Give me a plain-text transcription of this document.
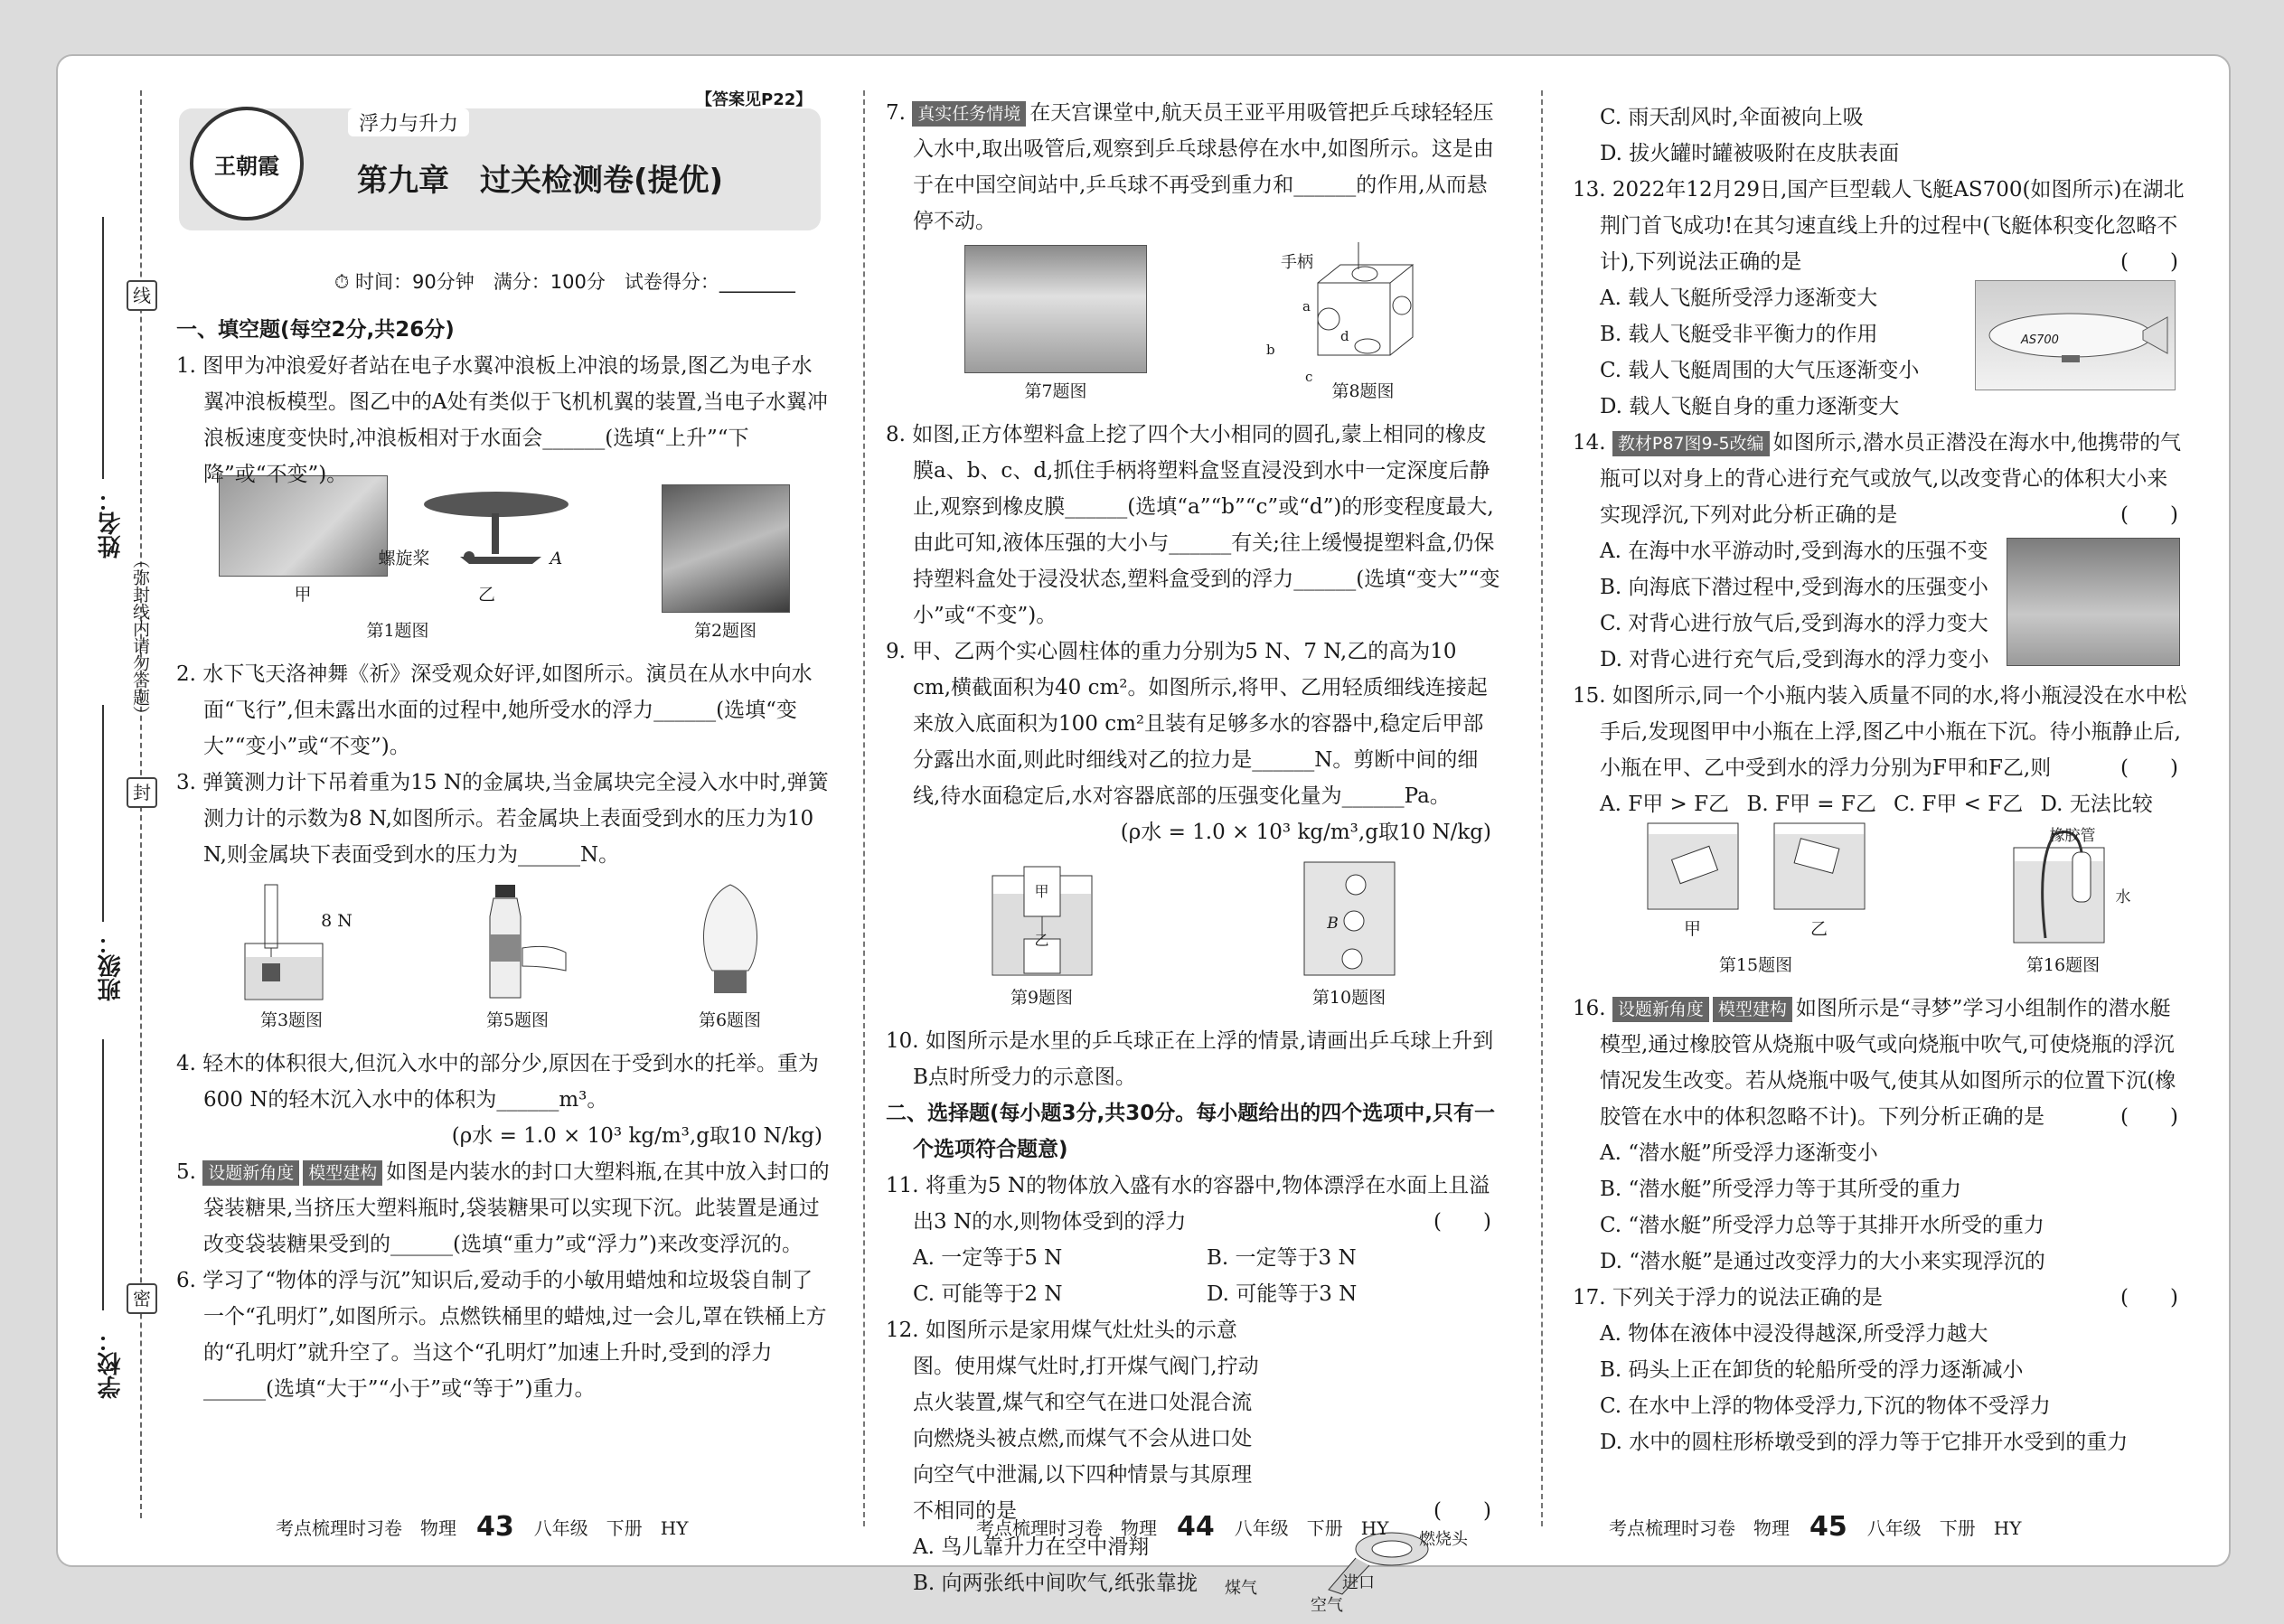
线
封
密
（弥封线内请勿答题）
姓名：
班级：
学校：
王朝霞
浮力与升力
【答案见P22】
第九章　过关检测卷(提优)
⏱ 时间：90分钟　满分：100分　试卷得分：________
一、填空题(每空2分,共26分)

1. 图甲为冲浪爱好者站在电子水翼冲浪板上冲浪的场景,图乙为电子水翼冲浪板模型。图乙中的A处有类似于飞机机翼的装置,当电子水翼冲浪板速度变快时,冲浪板相对于水面会______(选填“上升”“下降”或“不变”)。

甲
螺旋桨	A
乙
第1题图	第2题图

2. 水下飞天洛神舞《祈》深受观众好评,如图所示。演员在从水中向水面“飞行”,但未露出水面的过程中,她所受水的浮力______(选填“变大”“变小”或“不变”)。

3. 弹簧测力计下吊着重为15 N的金属块,当金属块完全浸入水中时,弹簧测力计的示数为8 N,如图所示。若金属块上表面受到水的压力为10 N,则金属块下表面受到水的压力为______N。

8 N
第3题图	第5题图	第6题图

4. 轻木的体积很大,但沉入水中的部分少,原因在于受到水的托举。重为600 N的轻木沉入水中的体积为______m³。

(ρ水 = 1.0 × 10³ kg/m³,g取10 N/kg)

5. 设题新角度 模型建构 如图是内装水的封口大塑料瓶,在其中放入封口的袋装糖果,当挤压大塑料瓶时,袋装糖果可以实现下沉。此装置是通过改变袋装糖果受到的______(选填“重力”或“浮力”)来改变浮沉的。

6. 学习了“物体的浮与沉”知识后,爱动手的小敏用蜡烛和垃圾袋自制了一个“孔明灯”,如图所示。点燃铁桶里的蜡烛,过一会儿,罩在铁桶上方的“孔明灯”就升空了。当这个“孔明灯”加速上升时,受到的浮力______(选填“大于”“小于”或“等于”)重力。

7. 真实任务情境 在天宫课堂中,航天员王亚平用吸管把乒乓球轻轻压入水中,取出吸管后,观察到乒乓球悬停在水中,如图所示。这是由于在中国空间站中,乒乓球不再受到重力和______的作用,从而悬停不动。

第7题图	第8题图
手柄
a
b
c
d

8. 如图,正方体塑料盒上挖了四个大小相同的圆孔,蒙上相同的橡皮膜a、b、c、d,抓住手柄将塑料盒竖直浸没到水中一定深度后静止,观察到橡皮膜______(选填“a”“b”“c”或“d”)的形变程度最大,由此可知,液体压强的大小与______有关;往上缓慢提塑料盒,仍保持塑料盒处于浸没状态,塑料盒受到的浮力______(选填“变大”“变小”或“不变”)。

9. 甲、乙两个实心圆柱体的重力分别为5 N、7 N,乙的高为10 cm,横截面积为40 cm²。如图所示,将甲、乙用轻质细线连接起来放入底面积为100 cm²且装有足够多水的容器中,稳定后甲部分露出水面,则此时细线对乙的拉力是______N。剪断中间的细线,待水面稳定后,水对容器底部的压强变化量为______Pa。

(ρ水 = 1.0 × 10³ kg/m³,g取10 N/kg)
第9题图	第10题图

10. 如图所示是水里的乒乓球正在上浮的情景,请画出乒乓球上升到B点时所受力的示意图。

二、选择题(每小题3分,共30分。每小题给出的四个选项中,只有一个选项符合题意)

11. 将重为5 N的物体放入盛有水的容器中,物体漂浮在水面上且溢出3 N的水,则物体受到的浮力	(　　)

A. 一定等于5 N	B. 一定等于3 N
C. 可能等于2 N	D. 可能等于3 N

12. 如图所示是家用煤气灶灶头的示意图。使用煤气灶时,打开煤气阀门,拧动点火装置,煤气和空气在进口处混合流向燃烧头被点燃,而煤气不会从进口处向空气中泄漏,以下四种情景与其原理不相同的是	(　　)
A. 鸟儿靠升力在空中滑翔
B. 向两张纸中间吹气,纸张靠拢
燃烧头
煤气	进口
空气
C. 雨天刮风时,伞面被向上吸
D. 拔火罐时罐被吸附在皮肤表面

13. 2022年12月29日,国产巨型载人飞艇AS700(如图所示)在湖北荆门首飞成功!在其匀速直线上升的过程中(飞艇体积变化忽略不计),下列说法正确的是	(　　)
A. 载人飞艇所受浮力逐渐变大
B. 载人飞艇受非平衡力的作用
C. 载人飞艇周围的大气压逐渐变小
D. 载人飞艇自身的重力逐渐变大
AS700

14. 教材P87图9-5改编 如图所示,潜水员正潜没在海水中,他携带的气瓶可以对身上的背心进行充气或放气,以改变背心的体积大小来实现浮沉,下列对此分析正确的是	(　　)
A. 在海中水平游动时,受到海水的压强不变
B. 向海底下潜过程中,受到海水的压强变小
C. 对背心进行放气后,受到海水的浮力变大
D. 对背心进行充气后,受到海水的浮力变小

15. 如图所示,同一个小瓶内装入质量不同的水,将小瓶浸没在水中松手后,发现图甲中小瓶在上浮,图乙中小瓶在下沉。待小瓶静止后,小瓶在甲、乙中受到水的浮力分别为F甲和F乙,则	(　　)
A. F甲 > F乙 B. F甲 = F乙 C. F甲 < F乙 D. 无法比较
甲	乙
第15题图
橡胶管
水
第16题图

16. 设题新角度 模型建构 如图所示是“寻梦”学习小组制作的潜水艇模型,通过橡胶管从烧瓶中吸气或向烧瓶中吹气,可使烧瓶的浮沉情况发生改变。若从烧瓶中吸气,使其从如图所示的位置下沉(橡胶管在水中的体积忽略不计)。下列分析正确的是	(　　)
A. “潜水艇”所受浮力逐渐变小
B. “潜水艇”所受浮力等于其所受的重力
C. “潜水艇”所受浮力总等于其排开水所受的重力
D. “潜水艇”是通过改变浮力的大小来实现浮沉的

17. 下列关于浮力的说法正确的是	(　　)
A. 物体在液体中浸没得越深,所受浮力越大
B. 码头上正在卸货的轮船所受的浮力逐渐减小
C. 在水中上浮的物体受浮力,下沉的物体不受浮力
D. 水中的圆柱形桥墩受到的浮力等于它排开水受到的重力
考点梳理时习卷　物理 43 八年级　下册　HY	考点梳理时习卷　物理 44 八年级　下册　HY	考点梳理时习卷　物理 45 八年级　下册　HY
